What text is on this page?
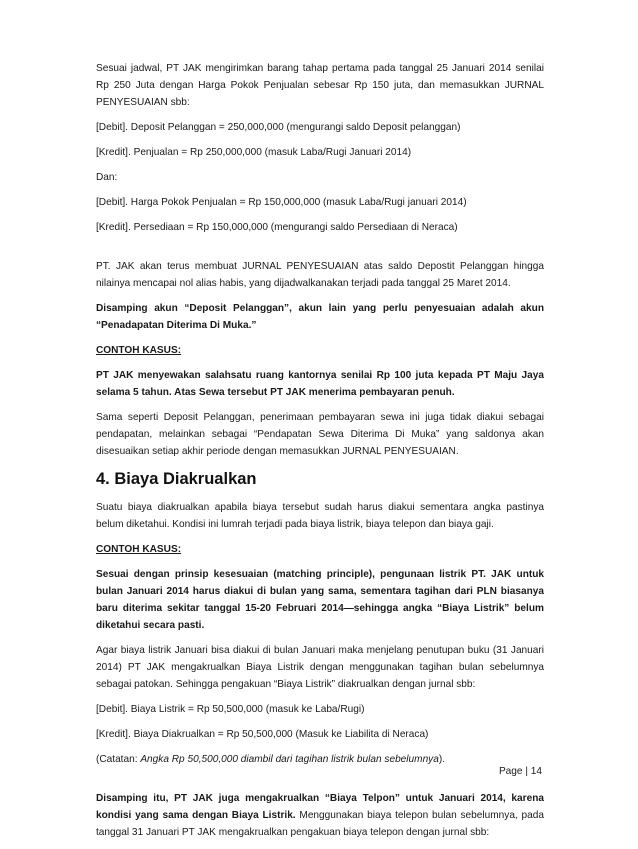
Sesuai jadwal, PT JAK mengirimkan barang tahap pertama pada tanggal 25 Januari 2014 senilai Rp 250 Juta dengan Harga Pokok Penjualan sebesar Rp 150 juta, dan memasukkan JURNAL PENYESUAIAN sbb:

[Debit]. Deposit Pelanggan = 250,000,000 (mengurangi saldo Deposit pelanggan)

[Kredit]. Penjualan = Rp 250,000,000 (masuk Laba/Rugi Januari 2014)

Dan:

[Debit]. Harga Pokok Penjualan = Rp 150,000,000 (masuk Laba/Rugi januari 2014)

[Kredit]. Persediaan = Rp 150,000,000 (mengurangi saldo Persediaan di Neraca)

PT. JAK akan terus membuat JURNAL PENYESUAIAN atas saldo Depostit Pelanggan hingga nilainya mencapai nol alias habis, yang dijadwalkanakan terjadi pada tanggal 25 Maret 2014.

Disamping akun “Deposit Pelanggan”, akun lain yang perlu penyesuaian adalah akun “Penadapatan Diterima Di Muka.”

CONTOH KASUS:

PT JAK menyewakan salahsatu ruang kantornya senilai Rp 100 juta kepada PT Maju Jaya selama 5 tahun. Atas Sewa tersebut PT JAK menerima pembayaran penuh.

Sama seperti Deposit Pelanggan, penerimaan pembayaran sewa ini juga tidak diakui sebagai pendapatan, melainkan sebagai “Pendapatan Sewa Diterima Di Muka” yang saldonya akan disesuaikan setiap akhir periode dengan memasukkan JURNAL PENYESUAIAN.

4. Biaya Diakrualkan

Suatu biaya diakrualkan apabila biaya tersebut sudah harus diakui sementara angka pastinya belum diketahui. Kondisi ini lumrah terjadi pada biaya listrik, biaya telepon dan biaya gaji.

CONTOH KASUS:

Sesuai dengan prinsip kesesuaian (matching principle), pengunaan listrik PT. JAK untuk bulan Januari 2014 harus diakui di bulan yang sama, sementara tagihan dari PLN biasanya baru diterima sekitar tanggal 15-20 Februari 2014—sehingga angka “Biaya Listrik” belum diketahui secara pasti.

Agar biaya listrik Januari bisa diakui di bulan Januari maka menjelang penutupan buku (31 Januari 2014) PT JAK mengakrualkan Biaya Listrik dengan menggunakan tagihan bulan sebelumnya sebagai patokan. Sehingga pengakuan “Biaya Listrik” diakrualkan dengan jurnal sbb:

[Debit]. Biaya Listrik = Rp 50,500,000 (masuk ke Laba/Rugi)

[Kredit]. Biaya Diakrualkan = Rp 50,500,000 (Masuk ke Liabilita di Neraca)

(Catatan: Angka Rp 50,500,000 diambil dari tagihan listrik bulan sebelumnya).

Disamping itu, PT JAK juga mengakrualkan “Biaya Telpon” untuk Januari 2014, karena kondisi yang sama dengan Biaya Listrik. Menggunakan biaya telepon bulan sebelumnya, pada tanggal 31 Januari PT JAK mengakrualkan pengakuan biaya telepon dengan jurnal sbb:

Page | 14
